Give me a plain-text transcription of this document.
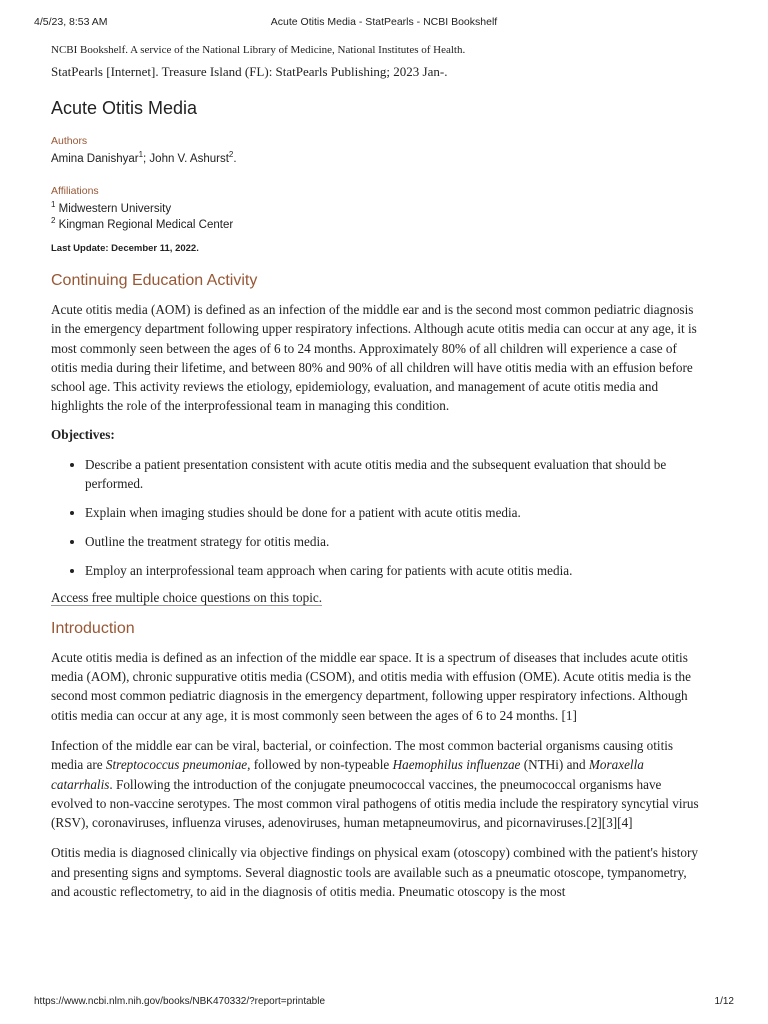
4/5/23, 8:53 AM	Acute Otitis Media - StatPearls - NCBI Bookshelf

NCBI Bookshelf. A service of the National Library of Medicine, National Institutes of Health.

StatPearls [Internet]. Treasure Island (FL): StatPearls Publishing; 2023 Jan-.

Acute Otitis Media
Authors
Amina Danishyar$^1$; John V. Ashurst$^2$.
Affiliations
$^1$ Midwestern University
$^2$ Kingman Regional Medical Center
Last Update: December 11, 2022.
Continuing Education Activity

Acute otitis media (AOM) is defined as an infection of the middle ear and is the second most common pediatric diagnosis in the emergency department following upper respiratory infections. Although acute otitis media can occur at any age, it is most commonly seen between the ages of 6 to 24 months. Approximately 80% of all children will experience a case of otitis media during their lifetime, and between 80% and 90% of all children will have otitis media with an effusion before school age. This activity reviews the etiology, epidemiology, evaluation, and management of acute otitis media and highlights the role of the interprofessional team in managing this condition.

Objectives:

• Describe a patient presentation consistent with acute otitis media and the subsequent evaluation that should be performed.
• Explain when imaging studies should be done for a patient with acute otitis media.
• Outline the treatment strategy for otitis media.
• Employ an interprofessional team approach when caring for patients with acute otitis media.

Access free multiple choice questions on this topic.

Introduction

Acute otitis media is defined as an infection of the middle ear space. It is a spectrum of diseases that includes acute otitis media (AOM), chronic suppurative otitis media (CSOM), and otitis media with effusion (OME). Acute otitis media is the second most common pediatric diagnosis in the emergency department, following upper respiratory infections. Although otitis media can occur at any age, it is most commonly seen between the ages of 6 to 24 months. [1]

Infection of the middle ear can be viral, bacterial, or coinfection. The most common bacterial organisms causing otitis media are Streptococcus pneumoniae, followed by non-typeable Haemophilus influenzae (NTHi) and Moraxella catarrhalis. Following the introduction of the conjugate pneumococcal vaccines, the pneumococcal organisms have evolved to non-vaccine serotypes. The most common viral pathogens of otitis media include the respiratory syncytial virus (RSV), coronaviruses, influenza viruses, adenoviruses, human metapneumovirus, and picornaviruses.[2][3][4]

Otitis media is diagnosed clinically via objective findings on physical exam (otoscopy) combined with the patient's history and presenting signs and symptoms. Several diagnostic tools are available such as a pneumatic otoscope, tympanometry, and acoustic reflectometry, to aid in the diagnosis of otitis media. Pneumatic otoscopy is the most

https://www.ncbi.nlm.nih.gov/books/NBK470332/?report=printable	1/12
